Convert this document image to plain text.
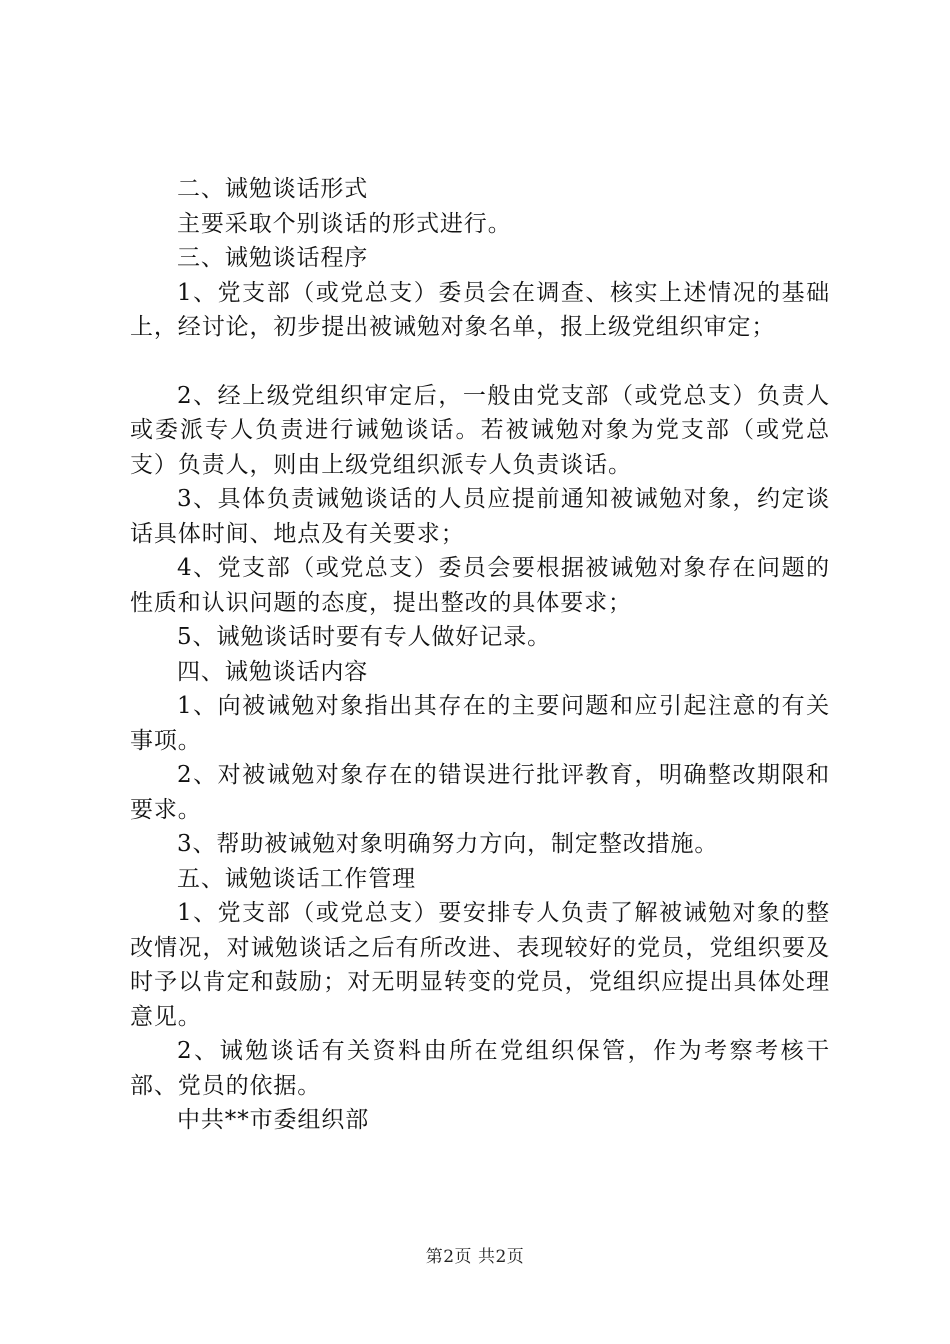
二、诫勉谈话形式

主要采取个别谈话的形式进行。

三、诫勉谈话程序

1、党支部（或党总支）委员会在调查、核实上述情况的基础上，经讨论，初步提出被诫勉对象名单，报上级党组织审定；

2、经上级党组织审定后，一般由党支部（或党总支）负责人或委派专人负责进行诫勉谈话。若被诫勉对象为党支部（或党总支）负责人，则由上级党组织派专人负责谈话。

3、具体负责诫勉谈话的人员应提前通知被诫勉对象，约定谈话具体时间、地点及有关要求；

4、党支部（或党总支）委员会要根据被诫勉对象存在问题的性质和认识问题的态度，提出整改的具体要求；

5、诫勉谈话时要有专人做好记录。

四、诫勉谈话内容

1、向被诫勉对象指出其存在的主要问题和应引起注意的有关事项。

2、对被诫勉对象存在的错误进行批评教育，明确整改期限和要求。

3、帮助被诫勉对象明确努力方向，制定整改措施。

五、诫勉谈话工作管理

1、党支部（或党总支）要安排专人负责了解被诫勉对象的整改情况，对诫勉谈话之后有所改进、表现较好的党员，党组织要及时予以肯定和鼓励；对无明显转变的党员，党组织应提出具体处理意见。

2、诫勉谈话有关资料由所在党组织保管，作为考察考核干部、党员的依据。

中共**市委组织部

第2页 共2页
